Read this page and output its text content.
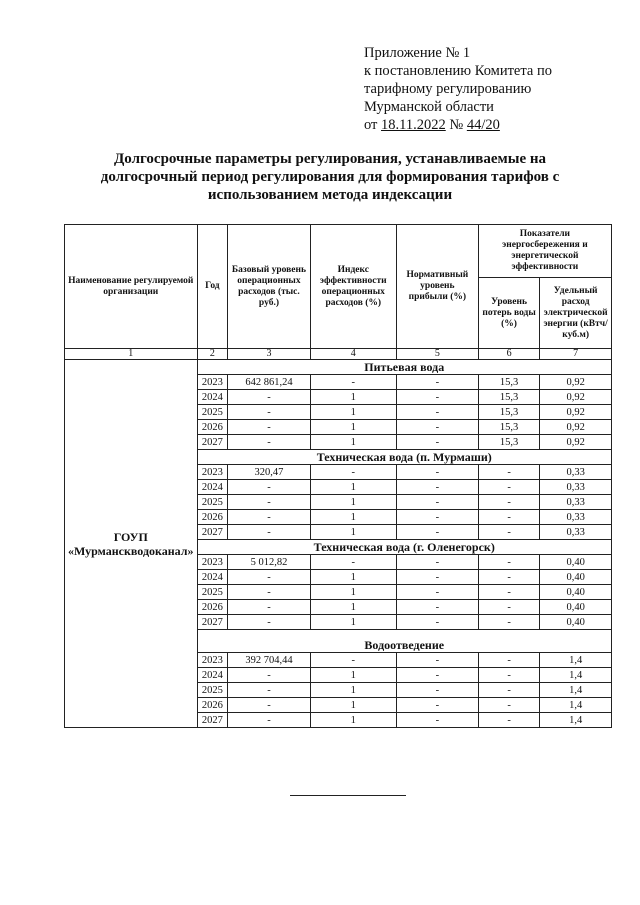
Приложение № 1
к постановлению Комитета по
тарифному регулированию
Мурманской области
от 18.11.2022 № 44/20
Долгосрочные параметры регулирования, устанавливаемые на
долгосрочный период регулирования для формирования тарифов с
использованием метода индексации
Наименование регулируемой организации	Год	Базовый уровень операционных расходов (тыс. руб.)	Индекс эффективности операционных расходов (%)	Нормативный уровень прибыли (%)	Показатели энергосбережения и энергетической эффективности	
					Уровень потерь воды (%)	Удельный расход электрической энергии (кВтч/куб.м)
1	2	3	4	5	6	7
ГОУП «Мурманскводоканал»	Питьевая вода					
	2023	642 861,24	-	-	15,3	0,92
	2024	-	1	-	15,3	0,92
	2025	-	1	-	15,3	0,92
	2026	-	1	-	15,3	0,92
	2027	-	1	-	15,3	0,92
	Техническая вода (п. Мурмаши)					
	2023	320,47	-	-	-	0,33
	2024	-	1	-	-	0,33
	2025	-	1	-	-	0,33
	2026	-	1	-	-	0,33
	2027	-	1	-	-	0,33
	Техническая вода (г. Оленегорск)					
	2023	5 012,82	-	-	-	0,40
	2024	-	1	-	-	0,40
	2025	-	1	-	-	0,40
	2026	-	1	-	-	0,40
	2027	-	1	-	-	0,40
	Водоотведение					
	2023	392 704,44	-	-	-	1,4
	2024	-	1	-	-	1,4
	2025	-	1	-	-	1,4
	2026	-	1	-	-	1,4
	2027	-	1	-	-	1,4
